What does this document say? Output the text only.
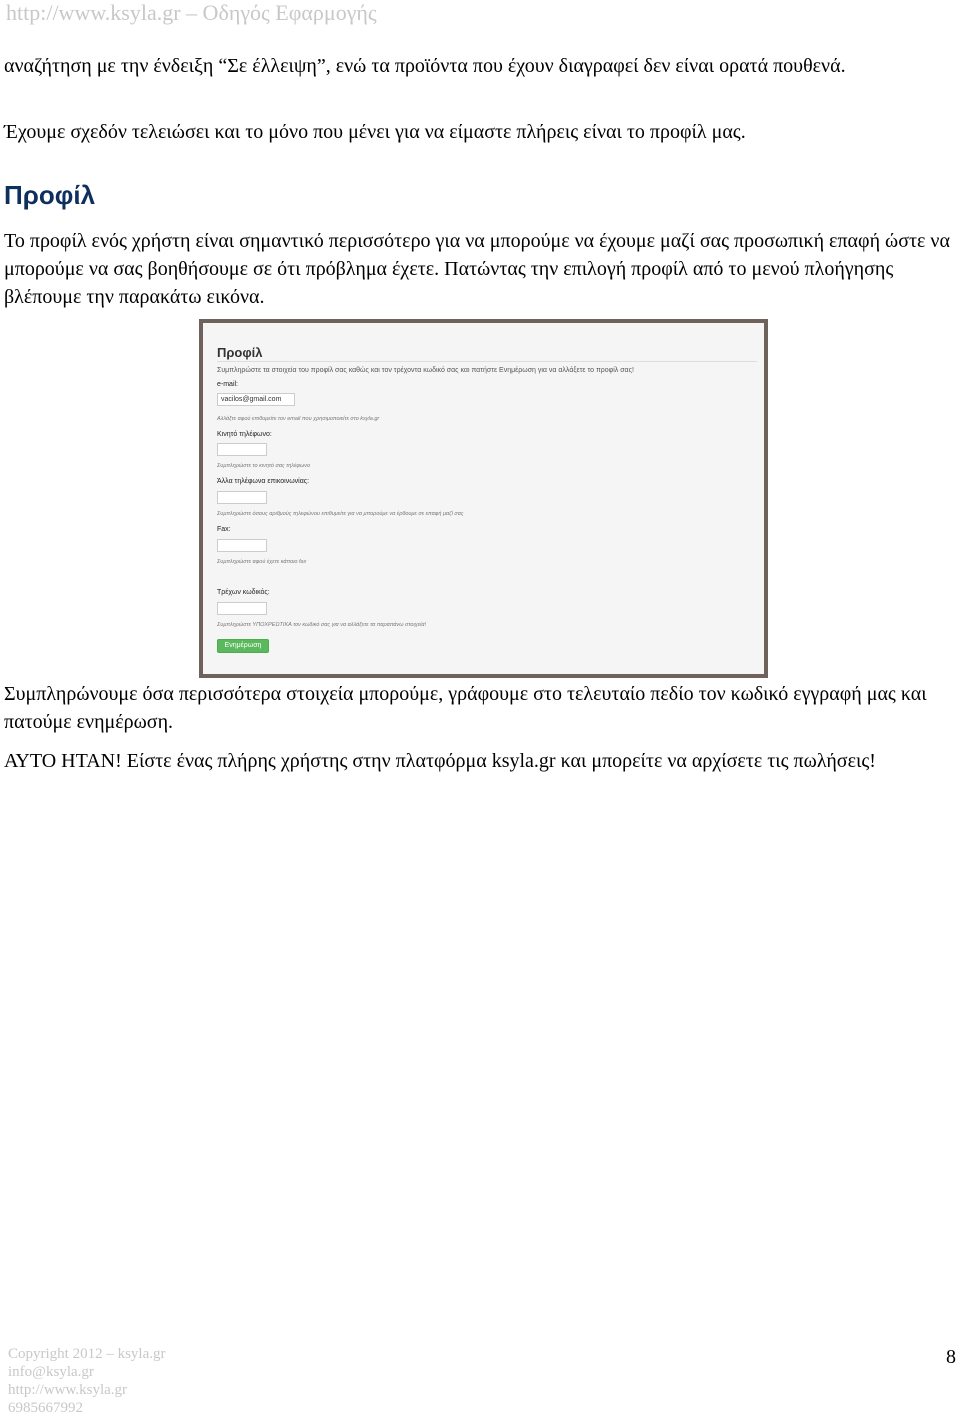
http://www.ksyla.gr – Οδηγός Εφαρμογής

αναζήτηση με την ένδειξη “Σε έλλειψη”, ενώ τα προϊόντα που έχουν διαγραφεί δεν είναι ορατά πουθενά.

Έχουμε σχεδόν τελειώσει και το μόνο που μένει για να είμαστε πλήρεις είναι το προφίλ μας.

Προφίλ

Το προφίλ ενός χρήστη είναι σημαντικό περισσότερο για να μπορούμε να έχουμε μαζί σας προσωπική επαφή ώστε να μπορούμε να σας βοηθήσουμε σε ότι πρόβλημα έχετε. Πατώντας την επιλογή προφίλ από το μενού πλοήγησης βλέπουμε την παρακάτω εικόνα.

Προφίλ
Συμπληρώστε τα στοιχεία του προφίλ σας καθώς και τον τρέχοντα κωδικό σας και πατήστε Ενημέρωση για να αλλάξετε το προφίλ σας!
e-mail:
vacilos@gmail.com
Αλλάξτε αφού επιθυμείτε τον email που χρησιμοποιείτε στο ksyla.gr
Κινητό τηλέφωνο:
Συμπληρώστε το κινητό σας τηλέφωνο
Άλλα τηλέφωνα επικοινωνίας:
Συμπληρώστε όσους αριθμούς τηλεφώνου επιθυμείτε για να μπορούμε να έρθουμε σε επαφή μαζί σας
Fax:
Συμπληρώστε αφού έχετε κάποιο fax
Τρέχων κωδικός:
Συμπληρώστε ΥΠΟΧΡΕΩΤΙΚΑ τον κωδικό σας για να αλλάξετε τα παραπάνω στοιχεία!
Ενημέρωση

Συμπληρώνουμε όσα περισσότερα στοιχεία μπορούμε, γράφουμε στο τελευταίο πεδίο τον κωδικό εγγραφή μας και πατούμε ενημέρωση.

ΑΥΤΟ ΗΤΑΝ! Είστε ένας πλήρης χρήστης στην πλατφόρμα ksyla.gr και μπορείτε να αρχίσετε τις πωλήσεις!

Copyright 2012 – ksyla.gr
info@ksyla.gr
http://www.ksyla.gr
6985667992
8
